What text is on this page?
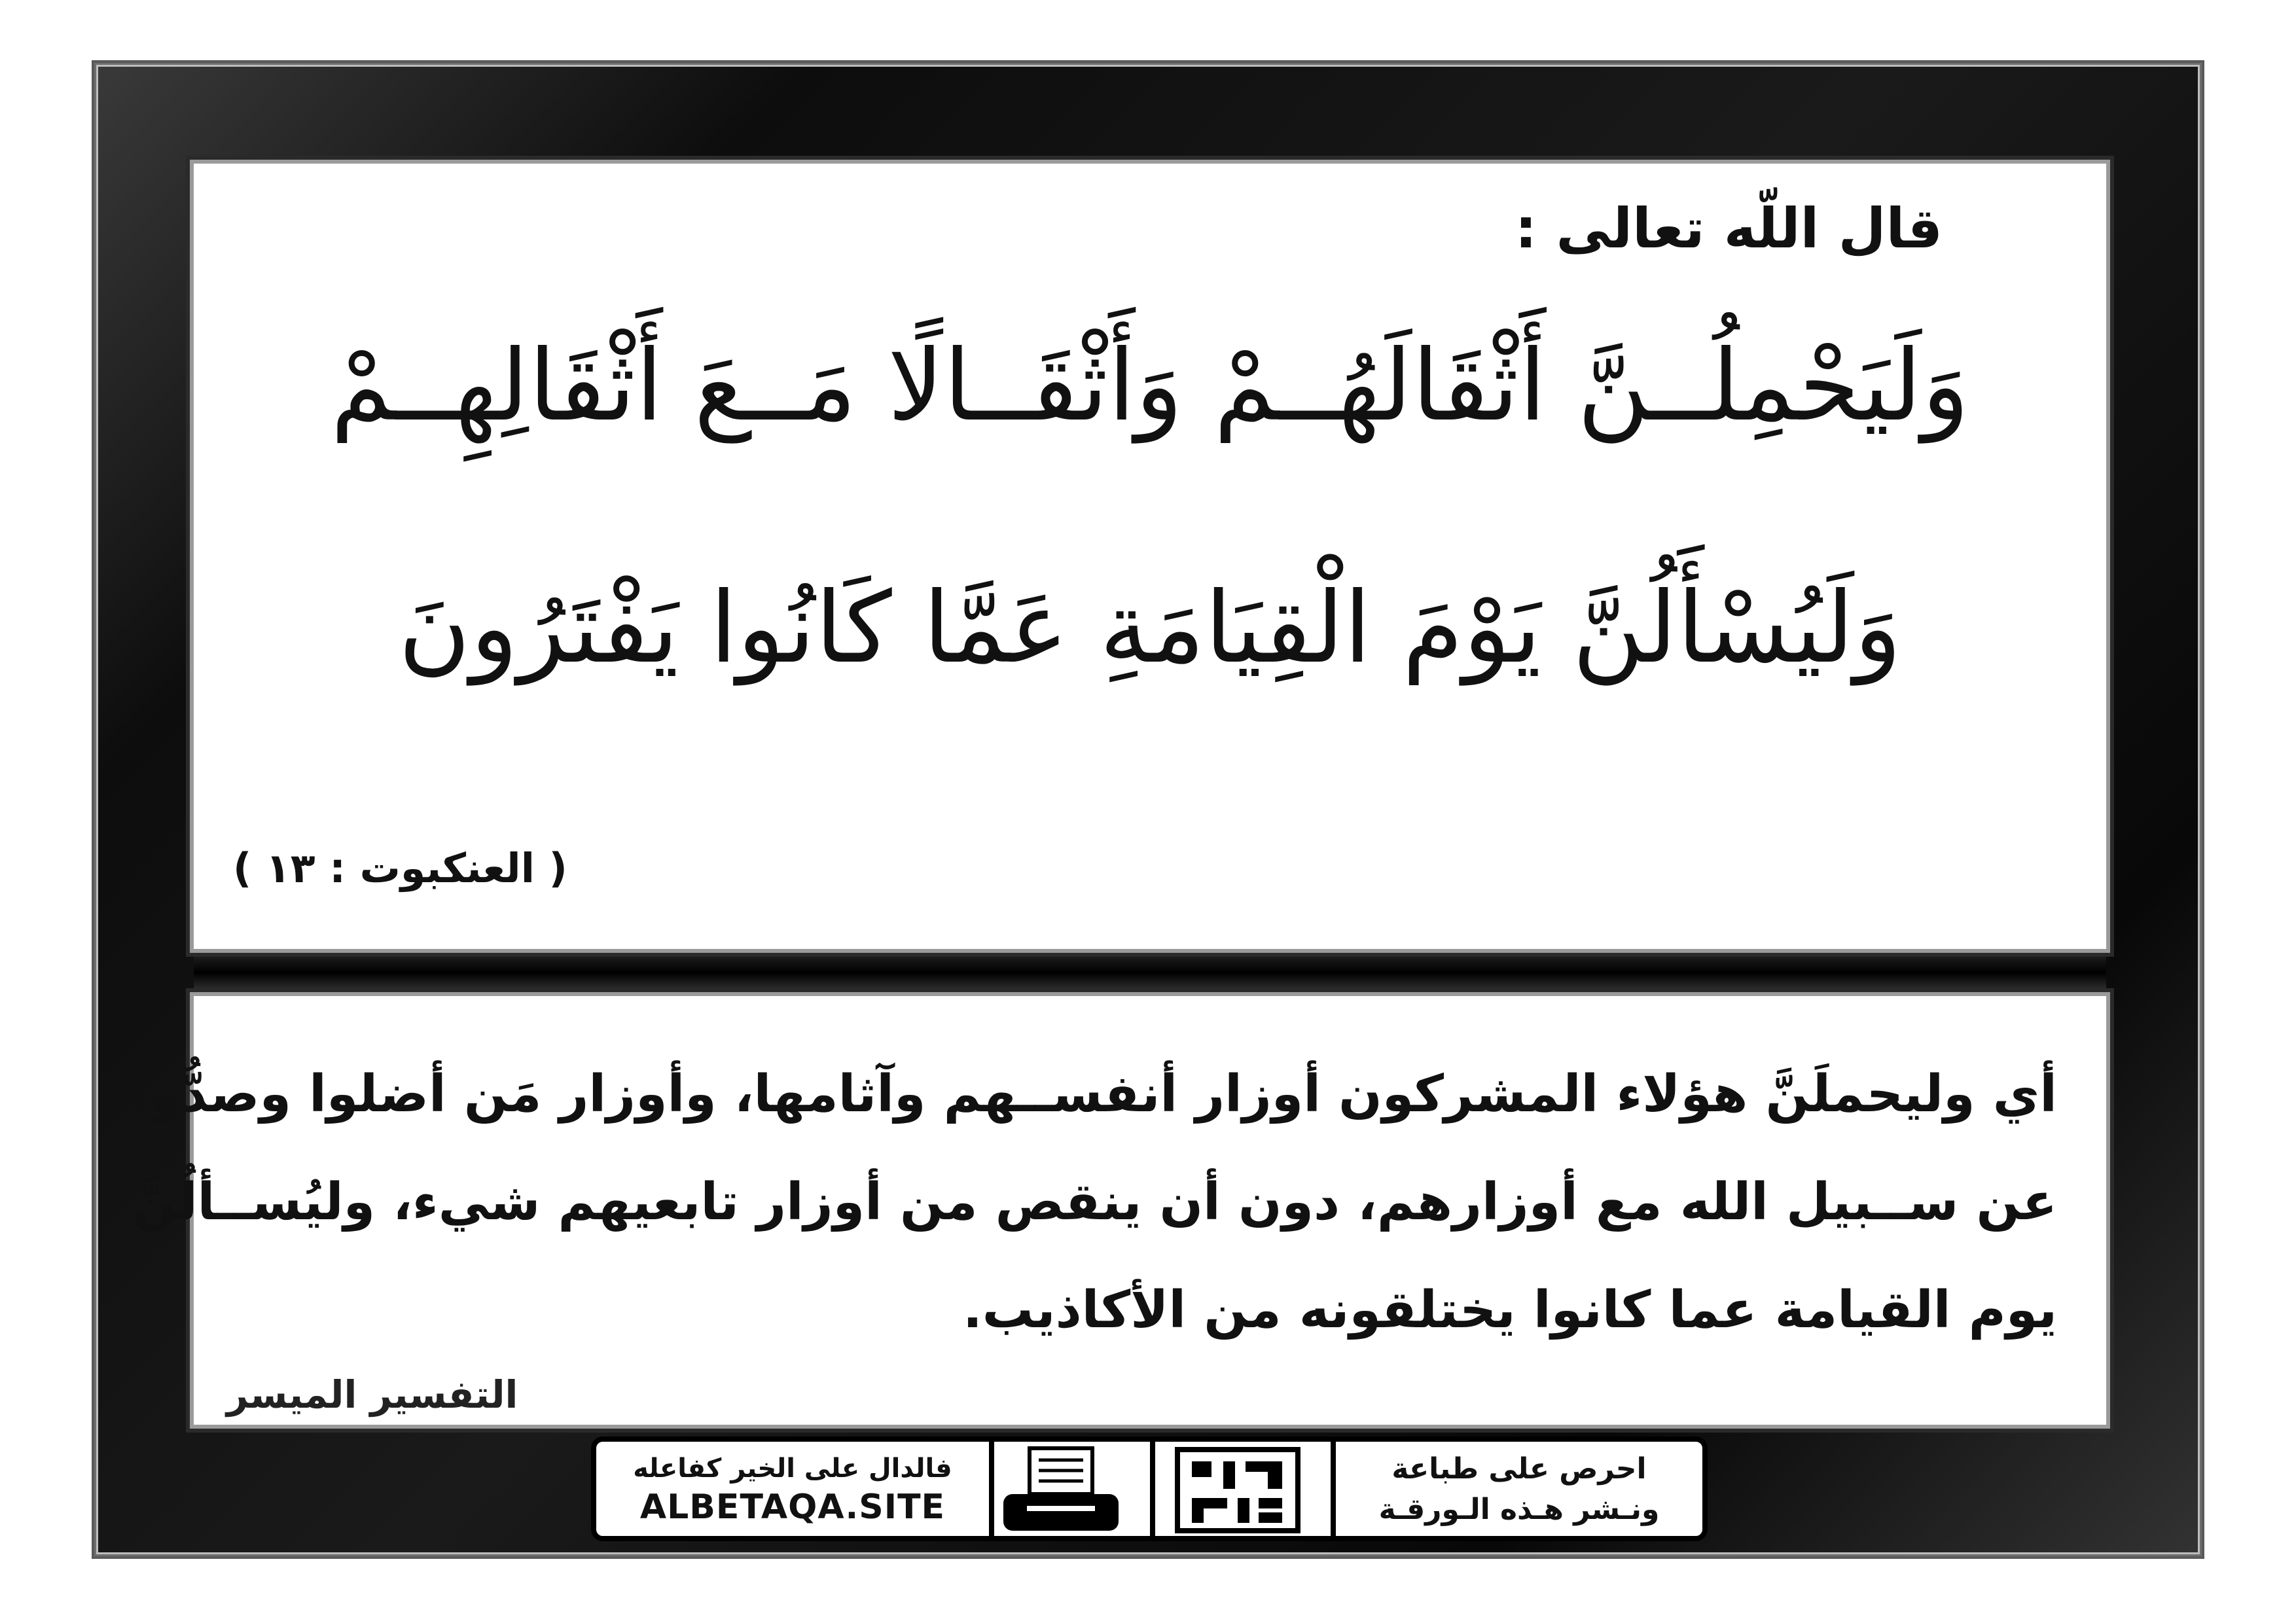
قال اللّه تعالى :
وَلَيَحْمِلُــنَّ أَثْقَالَهُــمْ وَأَثْقَــالًا مَــعَ أَثْقَالِهِــمْ
وَلَيُسْأَلُنَّ يَوْمَ الْقِيَامَةِ عَمَّا كَانُوا يَفْتَرُونَ
( العنكبوت : ١٣ )
أي وليحملَنَّ هؤلاء المشركون أوزار أنفســهم وآثامها، وأوزار مَن أضلوا وصدُّوا
عن ســبيل الله مع أوزارهم، دون أن ينقص من أوزار تابعيهم شيء، وليُســألُنَّ
يوم القيامة عما كانوا يختلقونه من الأكاذيب.
التفسير الميسر
فالدال على الخير كفاعله
ALBETAQA.SITE
احرص على طباعة
ونـشر هـذه الـورقـة
